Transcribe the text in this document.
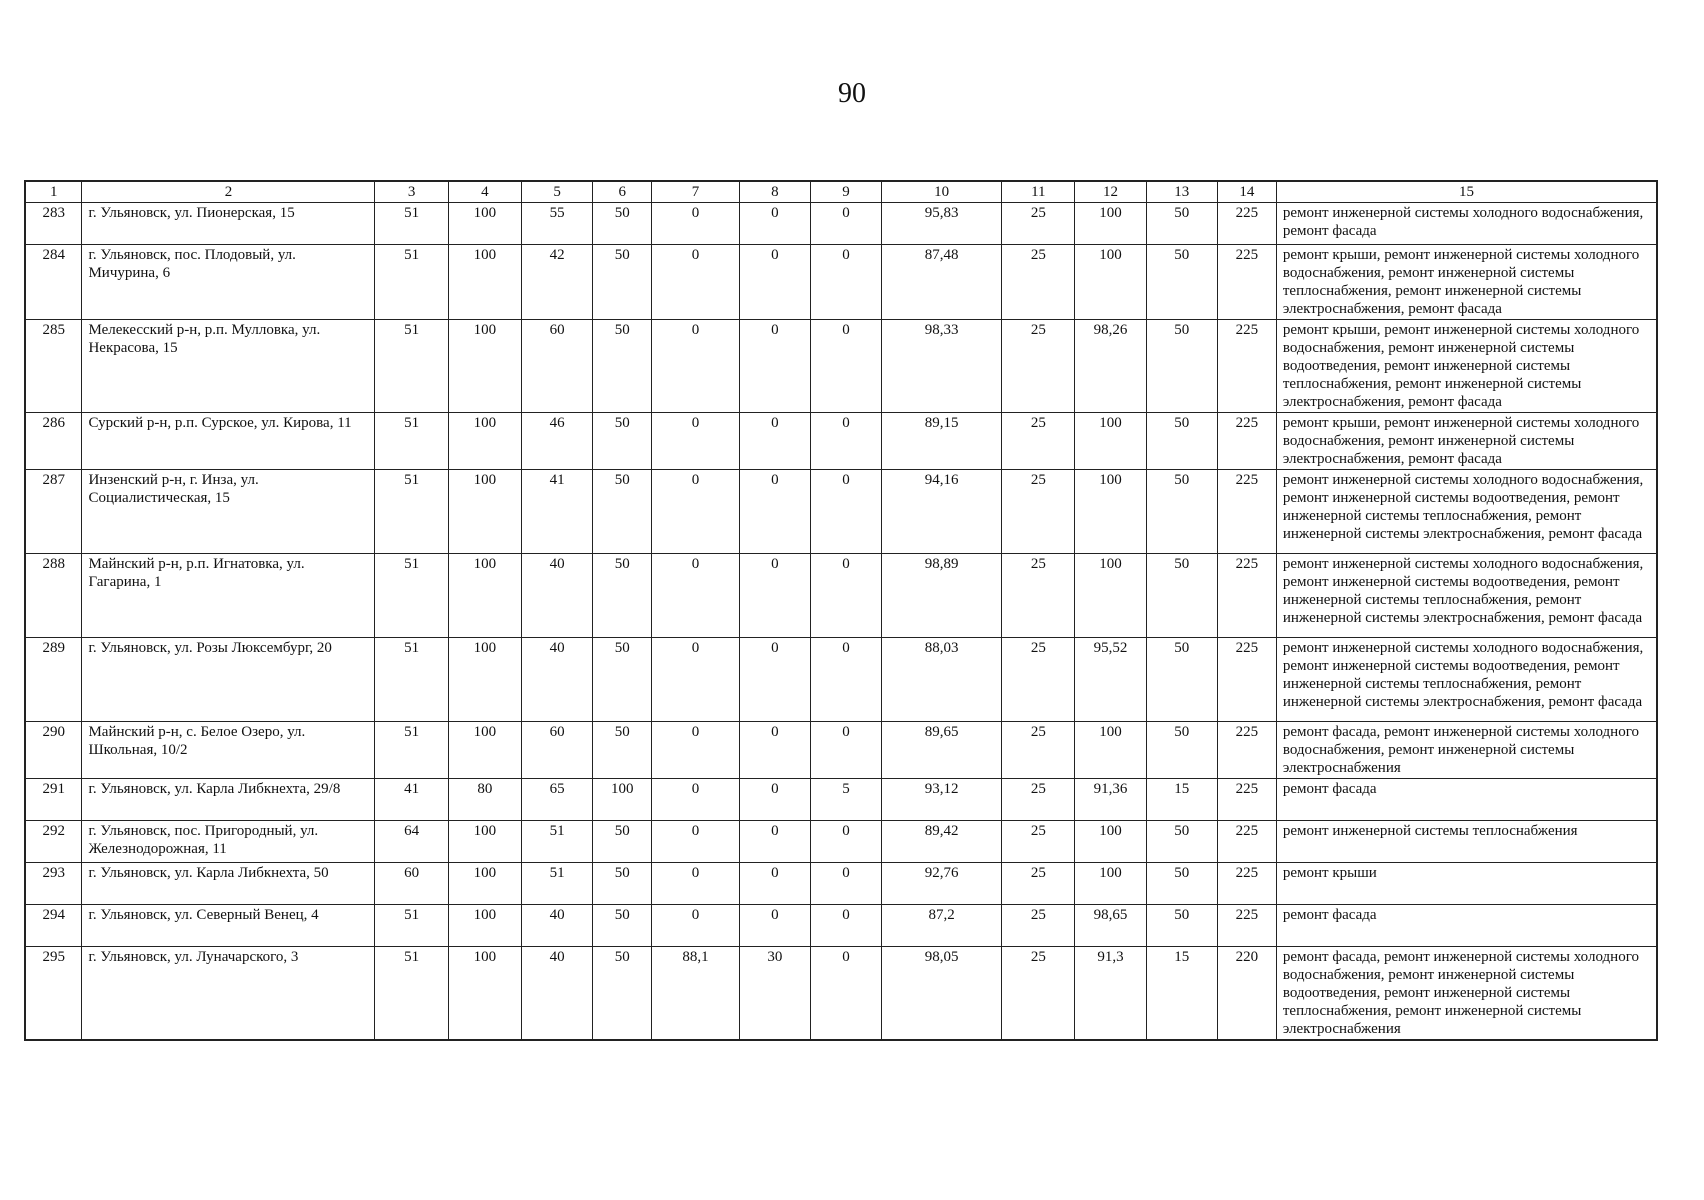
90
1	2	3	4	5	6	7	8	9	10	11	12	13	14	15
283	г. Ульяновск, ул. Пионерская, 15	51	100	55	50	0	0	0	95,83	25	100	50	225	ремонт инженерной системы холодного водоснабжения, ремонт фасада
284	г. Ульяновск, пос. Плодовый, ул. Мичурина, 6	51	100	42	50	0	0	0	87,48	25	100	50	225	ремонт крыши, ремонт инженерной системы холодного водоснабжения, ремонт инженерной системы теплоснабжения, ремонт инженерной системы электроснабжения, ремонт фасада
285	Мелекесский р-н, р.п. Мулловка, ул. Некрасова, 15	51	100	60	50	0	0	0	98,33	25	98,26	50	225	ремонт крыши, ремонт инженерной системы холодного водоснабжения, ремонт инженерной системы водоотведения, ремонт инженерной системы теплоснабжения, ремонт инженерной системы электроснабжения, ремонт фасада
286	Сурский р-н, р.п. Сурское, ул. Кирова, 11	51	100	46	50	0	0	0	89,15	25	100	50	225	ремонт крыши, ремонт инженерной системы холодного водоснабжения, ремонт инженерной системы электроснабжения, ремонт фасада
287	Инзенский р-н, г. Инза, ул. Социалистическая, 15	51	100	41	50	0	0	0	94,16	25	100	50	225	ремонт инженерной системы холодного водоснабжения, ремонт инженерной системы водоотведения, ремонт инженерной системы теплоснабжения, ремонт инженерной системы электроснабжения, ремонт фасада
288	Майнский р-н, р.п. Игнатовка, ул. Гагарина, 1	51	100	40	50	0	0	0	98,89	25	100	50	225	ремонт инженерной системы холодного водоснабжения, ремонт инженерной системы водоотведения, ремонт инженерной системы теплоснабжения, ремонт инженерной системы электроснабжения, ремонт фасада
289	г. Ульяновск, ул. Розы Люксембург, 20	51	100	40	50	0	0	0	88,03	25	95,52	50	225	ремонт инженерной системы холодного водоснабжения, ремонт инженерной системы водоотведения, ремонт инженерной системы теплоснабжения, ремонт инженерной системы электроснабжения, ремонт фасада
290	Майнский р-н, с. Белое Озеро, ул. Школьная, 10/2	51	100	60	50	0	0	0	89,65	25	100	50	225	ремонт фасада, ремонт инженерной системы холодного водоснабжения, ремонт инженерной системы электроснабжения
291	г. Ульяновск, ул. Карла Либкнехта, 29/8	41	80	65	100	0	0	5	93,12	25	91,36	15	225	ремонт фасада
292	г. Ульяновск, пос. Пригородный, ул. Железнодорожная, 11	64	100	51	50	0	0	0	89,42	25	100	50	225	ремонт инженерной системы теплоснабжения
293	г. Ульяновск, ул. Карла Либкнехта, 50	60	100	51	50	0	0	0	92,76	25	100	50	225	ремонт крыши
294	г. Ульяновск, ул. Северный Венец, 4	51	100	40	50	0	0	0	87,2	25	98,65	50	225	ремонт фасада
295	г. Ульяновск, ул. Луначарского, 3	51	100	40	50	88,1	30	0	98,05	25	91,3	15	220	ремонт фасада, ремонт инженерной системы холодного водоснабжения, ремонт инженерной системы водоотведения, ремонт инженерной системы теплоснабжения, ремонт инженерной системы электроснабжения
